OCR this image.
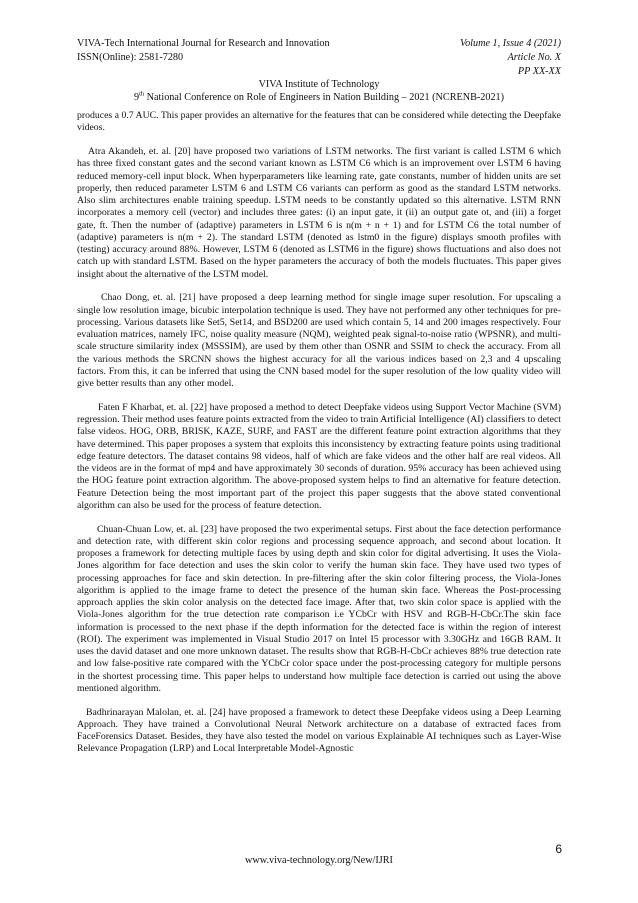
VIVA-Tech International Journal for Research and Innovation
ISSN(Online): 2581-7280
Volume 1, Issue 4 (2021)
Article No. X
PP XX-XX
VIVA Institute of Technology
9th National Conference on Role of Engineers in Nation Building – 2021 (NCRENB-2021)

produces a 0.7 AUC. This paper provides an alternative for the features that can be considered while detecting the Deepfake videos.

Atra Akandeh, et. al. [20] have proposed two variations of LSTM networks. The first variant is called LSTM 6 which has three fixed constant gates and the second variant known as LSTM C6 which is an improvement over LSTM 6 having reduced memory-cell input block. When hyperparameters like learning rate, gate constants, number of hidden units are set properly, then reduced parameter LSTM 6 and LSTM C6 variants can perform as good as the standard LSTM networks. Also slim architectures enable training speedup. LSTM needs to be constantly updated so this alternative. LSTM RNN incorporates a memory cell (vector) and includes three gates: (i) an input gate, it (ii) an output gate ot, and (iii) a forget gate, ft. Then the number of (adaptive) parameters in LSTM 6 is n(m + n + 1) and for LSTM C6 the total number of (adaptive) parameters is n(m + 2). The standard LSTM (denoted as lstm0 in the figure) displays smooth profiles with (testing) accuracy around 88%. However, LSTM 6 (denoted as LSTM6 in the figure) shows fluctuations and also does not catch up with standard LSTM. Based on the hyper parameters the accuracy of both the models fluctuates. This paper gives insight about the alternative of the LSTM model.

Chao Dong, et. al. [21] have proposed a deep learning method for single image super resolution. For upscaling a single low resolution image, bicubic interpolation technique is used. They have not performed any other techniques for pre-processing. Various datasets like Set5, Set14, and BSD200 are used which contain 5, 14 and 200 images respectively. Four evaluation matrices, namely IFC, noise quality measure (NQM), weighted peak signal-to-noise ratio (WPSNR), and multi-scale structure similarity index (MSSSIM), are used by them other than OSNR and SSIM to check the accuracy. From all the various methods the SRCNN shows the highest accuracy for all the various indices based on 2,3 and 4 upscaling factors. From this, it can be inferred that using the CNN based model for the super resolution of the low quality video will give better results than any other model.

Faten F Kharbat, et. al. [22] have proposed a method to detect Deepfake videos using Support Vector Machine (SVM) regression. Their method uses feature points extracted from the video to train Artificial Intelligence (AI) classifiers to detect false videos. HOG, ORB, BRISK, KAZE, SURF, and FAST are the different feature point extraction algorithms that they have determined. This paper proposes a system that exploits this inconsistency by extracting feature points using traditional edge feature detectors. The dataset contains 98 videos, half of which are fake videos and the other half are real videos. All the videos are in the format of mp4 and have approximately 30 seconds of duration. 95% accuracy has been achieved using the HOG feature point extraction algorithm. The above-proposed system helps to find an alternative for feature detection. Feature Detection being the most important part of the project this paper suggests that the above stated conventional algorithm can also be used for the process of feature detection.

Chuan-Chuan Low, et. al. [23] have proposed the two experimental setups. First about the face detection performance and detection rate, with different skin color regions and processing sequence approach, and second about location. It proposes a framework for detecting multiple faces by using depth and skin color for digital advertising. It uses the Viola-Jones algorithm for face detection and uses the skin color to verify the human skin face. They have used two types of processing approaches for face and skin detection. In pre-filtering after the skin color filtering process, the Viola-Jones algorithm is applied to the image frame to detect the presence of the human skin face. Whereas the Post-processing approach applies the skin color analysis on the detected face image. After that, two skin color space is applied with the Viola-Jones algorithm for the true detection rate comparison i.e YCbCr with HSV and RGB-H-CbCr.The skin face information is processed to the next phase if the depth information for the detected face is within the region of interest (ROI). The experiment was implemented in Visual Studio 2017 on Intel I5 processor with 3.30GHz and 16GB RAM. It uses the david dataset and one more unknown dataset. The results show that RGB-H-CbCr achieves 88% true detection rate and low false-positive rate compared with the YCbCr color space under the post-processing category for multiple persons in the shortest processing time. This paper helps to understand how multiple face detection is carried out using the above mentioned algorithm.

Badhrinarayan Malolan, et. al. [24] have proposed a framework to detect these Deepfake videos using a Deep Learning Approach. They have trained a Convolutional Neural Network architecture on a database of extracted faces from FaceForensics Dataset. Besides, they have also tested the model on various Explainable AI techniques such as Layer-Wise Relevance Propagation (LRP) and Local Interpretable Model-Agnostic

6
www.viva-technology.org/New/IJRI
